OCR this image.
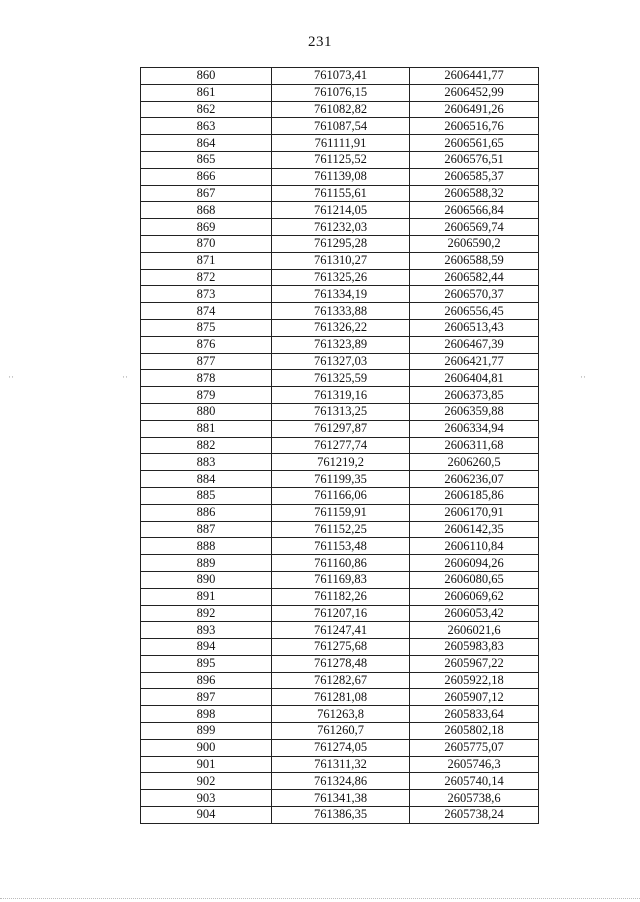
231
860	761073,41	2606441,77
861	761076,15	2606452,99
862	761082,82	2606491,26
863	761087,54	2606516,76
864	761111,91	2606561,65
865	761125,52	2606576,51
866	761139,08	2606585,37
867	761155,61	2606588,32
868	761214,05	2606566,84
869	761232,03	2606569,74
870	761295,28	2606590,2
871	761310,27	2606588,59
872	761325,26	2606582,44
873	761334,19	2606570,37
874	761333,88	2606556,45
875	761326,22	2606513,43
876	761323,89	2606467,39
877	761327,03	2606421,77
878	761325,59	2606404,81
879	761319,16	2606373,85
880	761313,25	2606359,88
881	761297,87	2606334,94
882	761277,74	2606311,68
883	761219,2	2606260,5
884	761199,35	2606236,07
885	761166,06	2606185,86
886	761159,91	2606170,91
887	761152,25	2606142,35
888	761153,48	2606110,84
889	761160,86	2606094,26
890	761169,83	2606080,65
891	761182,26	2606069,62
892	761207,16	2606053,42
893	761247,41	2606021,6
894	761275,68	2605983,83
895	761278,48	2605967,22
896	761282,67	2605922,18
897	761281,08	2605907,12
898	761263,8	2605833,64
899	761260,7	2605802,18
900	761274,05	2605775,07
901	761311,32	2605746,3
902	761324,86	2605740,14
903	761341,38	2605738,6
904	761386,35	2605738,24
··	··	··
